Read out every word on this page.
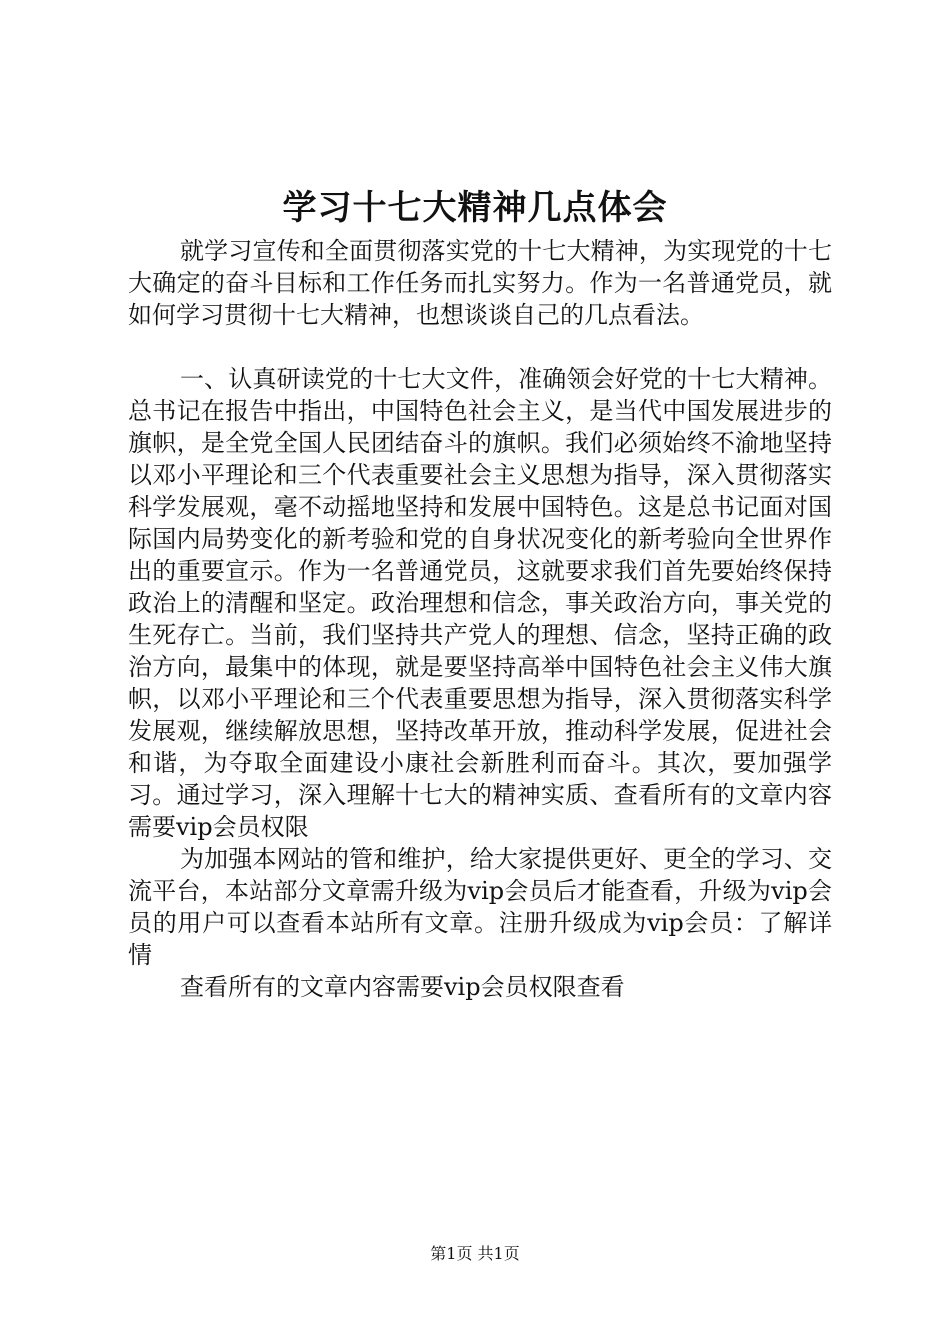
学习十七大精神几点体会

就学习宣传和全面贯彻落实党的十七大精神，为实现党的十七大确定的奋斗目标和工作任务而扎实努力。作为一名普通党员，就如何学习贯彻十七大精神，也想谈谈自己的几点看法。

一、认真研读党的十七大文件，准确领会好党的十七大精神。总书记在报告中指出，中国特色社会主义，是当代中国发展进步的旗帜，是全党全国人民团结奋斗的旗帜。我们必须始终不渝地坚持以邓小平理论和三个代表重要社会主义思想为指导，深入贯彻落实科学发展观，毫不动摇地坚持和发展中国特色。这是总书记面对国际国内局势变化的新考验和党的自身状况变化的新考验向全世界作出的重要宣示。作为一名普通党员，这就要求我们首先要始终保持政治上的清醒和坚定。政治理想和信念，事关政治方向，事关党的生死存亡。当前，我们坚持共产党人的理想、信念，坚持正确的政治方向，最集中的体现，就是要坚持高举中国特色社会主义伟大旗帜，以邓小平理论和三个代表重要思想为指导，深入贯彻落实科学发展观，继续解放思想，坚持改革开放，推动科学发展，促进社会和谐，为夺取全面建设小康社会新胜利而奋斗。其次，要加强学习。通过学习，深入理解十七大的精神实质、查看所有的文章内容需要vip会员权限

为加强本网站的管和维护，给大家提供更好、更全的学习、交流平台，本站部分文章需升级为vip会员后才能查看，升级为vip会员的用户可以查看本站所有文章。注册升级成为vip会员：了解详情

查看所有的文章内容需要vip会员权限查看

第1页 共1页
